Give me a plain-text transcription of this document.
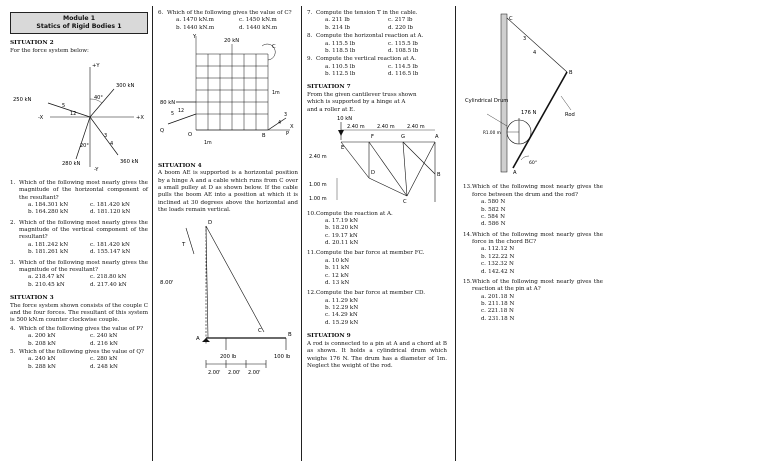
Module 1
Statics of Rigid Bodies 1
SITUATION 2

For the force system below:

+Y
300 kN
250 kN	40°
5
12
-X	+X
3
4
20°
-Y
280 kN	360 kN
1. Which of the following most nearly gives the magnitude of the horizontal component of the resultant?
a. 184.301 kN	c. 181.420 kN
b. 164.280 kN	d. 181.120 kN
2. Which of the following most nearly gives the magnitude of the vertical component of the resultant?
a. 181.242 kN	c. 181.420 kN
b. 181.261 kN	d. 155.147 kN
3. Which of the following most nearly gives the magnitude of the resultant?
a. 218.47 kN	c. 218.80 kN
b. 210.45 kN	d. 217.40 kN
SITUATION 3

The force system shown consists of the couple C and the four forces. The resultant of this system is 500 kN.m counter clockwise couple.

4. Which of the following gives the value of P?
a. 200 kN	c. 240 kN
b. 208 kN	d. 216 kN
5. Which of the following gives the value of Q?
a. 240 kN	c. 280 kN
b. 288 kN	d. 248 kN
6. Which of the following gives the value of C?
a. 1470 kN.m	c. 1450 kN.m
b. 1440 kN.m	d. 1440 kN.m
Y
20 kN
C
Q
5
12
1m
80 kN
X
O
1m
B	P
3
4
SITUATION 4

A boom AE is supported is a horizontal position by a hinge A and a cable which runs from C over a small pulley at D as shown below. If the cable pulls the boom AE into a position at which it is inclined at 30 degrees above the horizontal and the loads remain vertical.

D
T
8.00'
C
B
A
200 lb	100 lb
2.00' 2.00' 2.00'
7. Compute the tension T in the cable.
a. 211 lb	c. 217 lb
b. 214 lb	d. 220 lb
8. Compute the horizontal reaction at A.
a. 115.5 lb	c. 115.5 lb
b. 118.5 lb	d. 108.5 lb
9. Compute the vertical reaction at A.
a. 110.5 lb	c. 114.5 lb
b. 112.5 lb	d. 116.5 lb
SITUATION 7

From the given cantilever truss shown which is supported by a hinge at A and a roller at E.

10 kN
2.40 m 2.40 m 2.40 m
E
F	G	A
2.40 m
D
1.00 m
1.00 m
B
C
10. Compute the reaction at A.
a. 17.19 kN
b. 18.20 kN
c. 19.17 kN
d. 20.11 kN
11. Compute the bar force at member FC.
a. 10 kN
b. 11 kN
c. 12 kN
d. 13 kN
12. Compute the bar force at member CD.
a. 11.29 kN
b. 12.29 kN
c. 14.29 kN
d. 15.29 kN
SITUATION 9

A rod is connected to a pin at A and a chord at B as shown. It holds a cylindrical drum which weighs 176 N. The drum has a diameter of 1m. Neglect the weight of the rod.

C
3
4
B
Cylindrical Drum
176 N	Rod
R1.00 m
A
60°
13. Which of the following most nearly gives the force between the drum and the rod?
a. 580 N
b. 582 N
c. 584 N
d. 586 N
14. Which of the following most nearly gives the force in the chord BC?
a. 112.12 N
b. 122.22 N
c. 132.32 N
d. 142.42 N
15. Which of the following most nearly gives the reaction at the pin at A?
a. 201.18 N
b. 211.18 N
c. 221.18 N
d. 231.18 N
